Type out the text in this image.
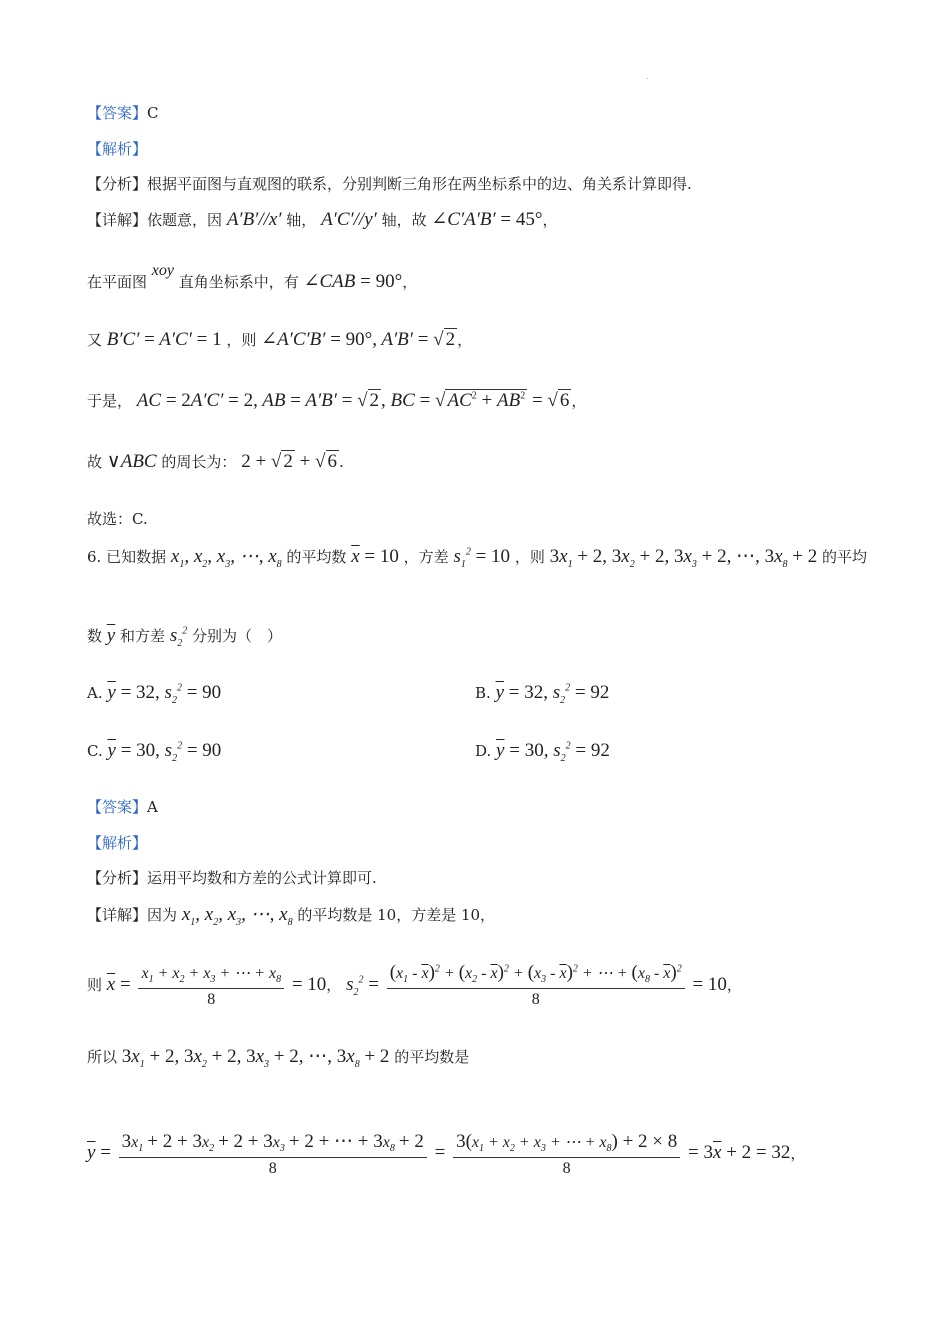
.
【答案】C
【解析】
【分析】根据平面图与直观图的联系，分别判断三角形在两坐标系中的边、角关系计算即得.
【详解】依题意，因 A′B′//x′ 轴， A′C′//y′ 轴，故 ∠C′A′B′ = 45°，
在平面图 xoy 直角坐标系中，有 ∠CAB = 90°，
又 B′C′ = A′C′ = 1 ，则 ∠A′C′B′ = 90°, A′B′ = √ 2 ，
于是， AC = 2A′C′ = 2, AB = A′B′ = √ 2 , BC = √ $AC^2 + AB^2$ = √ 6 ，
故 ∨ABC 的周长为： 2 + √ 2 + √ 6 .
故选：C.
6. 已知数据 $x_1$, $x_2$, $x_3$, ⋯, $x_8$ 的平均数 $\overline{x} = 10$ ，方差 $s_1^2 = 10$ ，则 $3x_1 + 2$, $3x_2 + 2$, $3x_3 + 2$, ⋯, $3x_8 + 2$ 的平均
数 $\overline{y}$ 和方差 $s_2^2$ 分别为（　）
A. $\overline{y} = 32$, $s_2^2 = 90$	B. $\overline{y} = 32$, $s_2^2 = 92$
C. $\overline{y} = 30$, $s_2^2 = 90$	D. $\overline{y} = 30$, $s_2^2 = 92$
【答案】A
【解析】
【分析】运用平均数和方差的公式计算即可.
【详解】因为 $x_1$, $x_2$, $x_3$, ⋯, $x_8$ 的平均数是 10，方差是 10，
则 $\overline{x} = \frac{x_1 + x_2 + x_3 + \cdots + x_8}{8} = 10$， $s_2^2 = \frac{(x_1 - \overline{x})^2 + (x_2 - \overline{x})^2 + (x_3 - \overline{x})^2 + \cdots + (x_8 - \overline{x})^2}{8} = 10$，
所以 $3x_1 + 2$, $3x_2 + 2$, $3x_3 + 2$, ⋯, $3x_8 + 2$ 的平均数是
$\overline{y} = \frac{3x_1 + 2 + 3x_2 + 2 + 3x_3 + 2 + \cdots + 3x_8 + 2}{8} = \frac{3(x_1 + x_2 + x_3 + \cdots + x_8) + 2 \times 8}{8} = 3\overline{x} + 2 = 32$，
